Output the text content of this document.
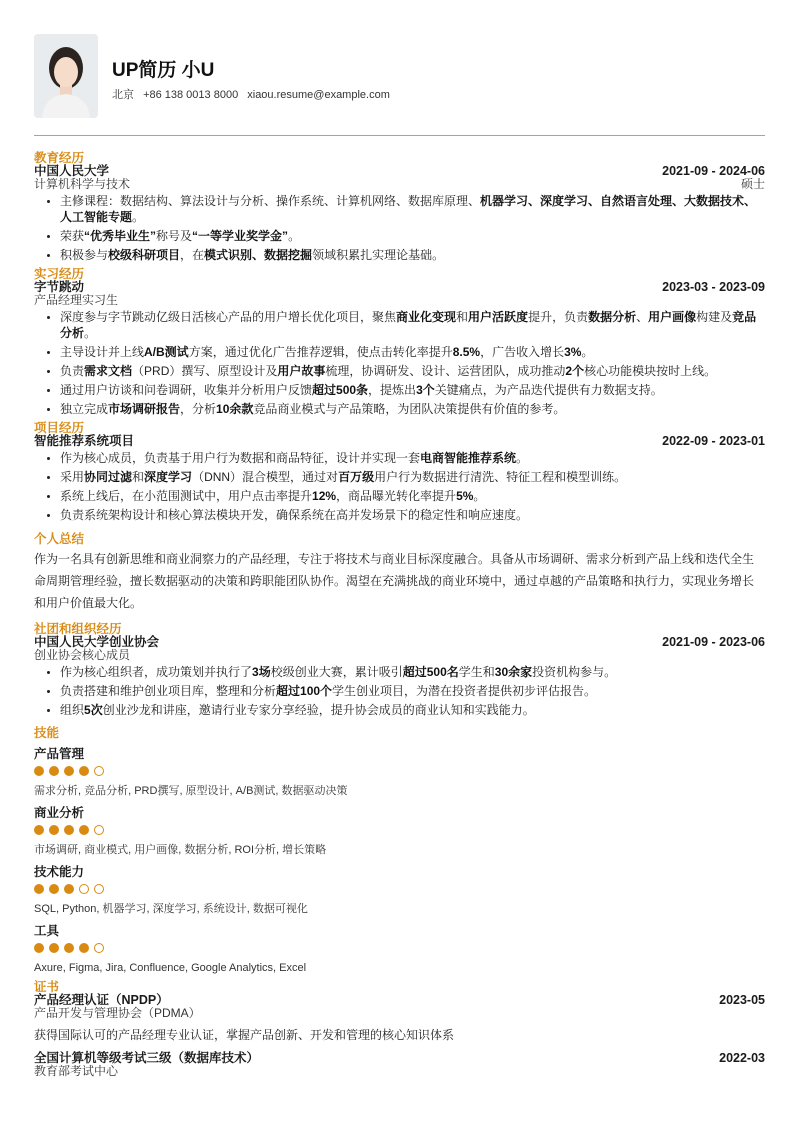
UP简历 小U
北京 +86 138 0013 8000 xiaou.resume@example.com
教育经历
中国人民大学	2021-09 - 2024-06
计算机科学与技术	硕士
• 主修课程：数据结构、算法设计与分析、操作系统、计算机网络、数据库原理、机器学习、深度学习、自然语言处理、大数据技术、人工智能专题。
• 荣获“优秀毕业生”称号及“一等学业奖学金”。
• 积极参与校级科研项目，在模式识别、数据挖掘领域积累扎实理论基础。
实习经历
字节跳动	2023-03 - 2023-09
产品经理实习生
• 深度参与字节跳动亿级日活核心产品的用户增长优化项目，聚焦商业化变现和用户活跃度提升，负责数据分析、用户画像构建及竞品分析。
• 主导设计并上线A/B测试方案，通过优化广告推荐逻辑，使点击转化率提升8.5%，广告收入增长3%。
• 负责需求文档（PRD）撰写、原型设计及用户故事梳理，协调研发、设计、运营团队，成功推动2个核心功能模块按时上线。
• 通过用户访谈和问卷调研，收集并分析用户反馈超过500条，提炼出3个关键痛点，为产品迭代提供有力数据支持。
• 独立完成市场调研报告，分析10余款竞品商业模式与产品策略，为团队决策提供有价值的参考。
项目经历
智能推荐系统项目	2022-09 - 2023-01
• 作为核心成员，负责基于用户行为数据和商品特征，设计并实现一套电商智能推荐系统。
• 采用协同过滤和深度学习（DNN）混合模型，通过对百万级用户行为数据进行清洗、特征工程和模型训练。
• 系统上线后，在小范围测试中，用户点击率提升12%，商品曝光转化率提升5%。
• 负责系统架构设计和核心算法模块开发，确保系统在高并发场景下的稳定性和响应速度。
个人总结
作为一名具有创新思维和商业洞察力的产品经理，专注于将技术与商业目标深度融合。具备从市场调研、需求分析到产品上线和迭代全生命周期管理经验，擅长数据驱动的决策和跨职能团队协作。渴望在充满挑战的商业环境中，通过卓越的产品策略和执行力，实现业务增长和用户价值最大化。
社团和组织经历
中国人民大学创业协会	2021-09 - 2023-06
创业协会核心成员
• 作为核心组织者，成功策划并执行了3场校级创业大赛，累计吸引超过500名学生和30余家投资机构参与。
• 负责搭建和维护创业项目库，整理和分析超过100个学生创业项目，为潜在投资者提供初步评估报告。
• 组织5次创业沙龙和讲座，邀请行业专家分享经验，提升协会成员的商业认知和实践能力。
技能
产品管理
需求分析, 竞品分析, PRD撰写, 原型设计, A/B测试, 数据驱动决策
商业分析
市场调研, 商业模式, 用户画像, 数据分析, ROI分析, 增长策略
技术能力
SQL, Python, 机器学习, 深度学习, 系统设计, 数据可视化
工具
Axure, Figma, Jira, Confluence, Google Analytics, Excel
证书
产品经理认证（NPDP）	2023-05
产品开发与管理协会（PDMA）
获得国际认可的产品经理专业认证，掌握产品创新、开发和管理的核心知识体系
全国计算机等级考试三级（数据库技术）	2022-03
教育部考试中心
